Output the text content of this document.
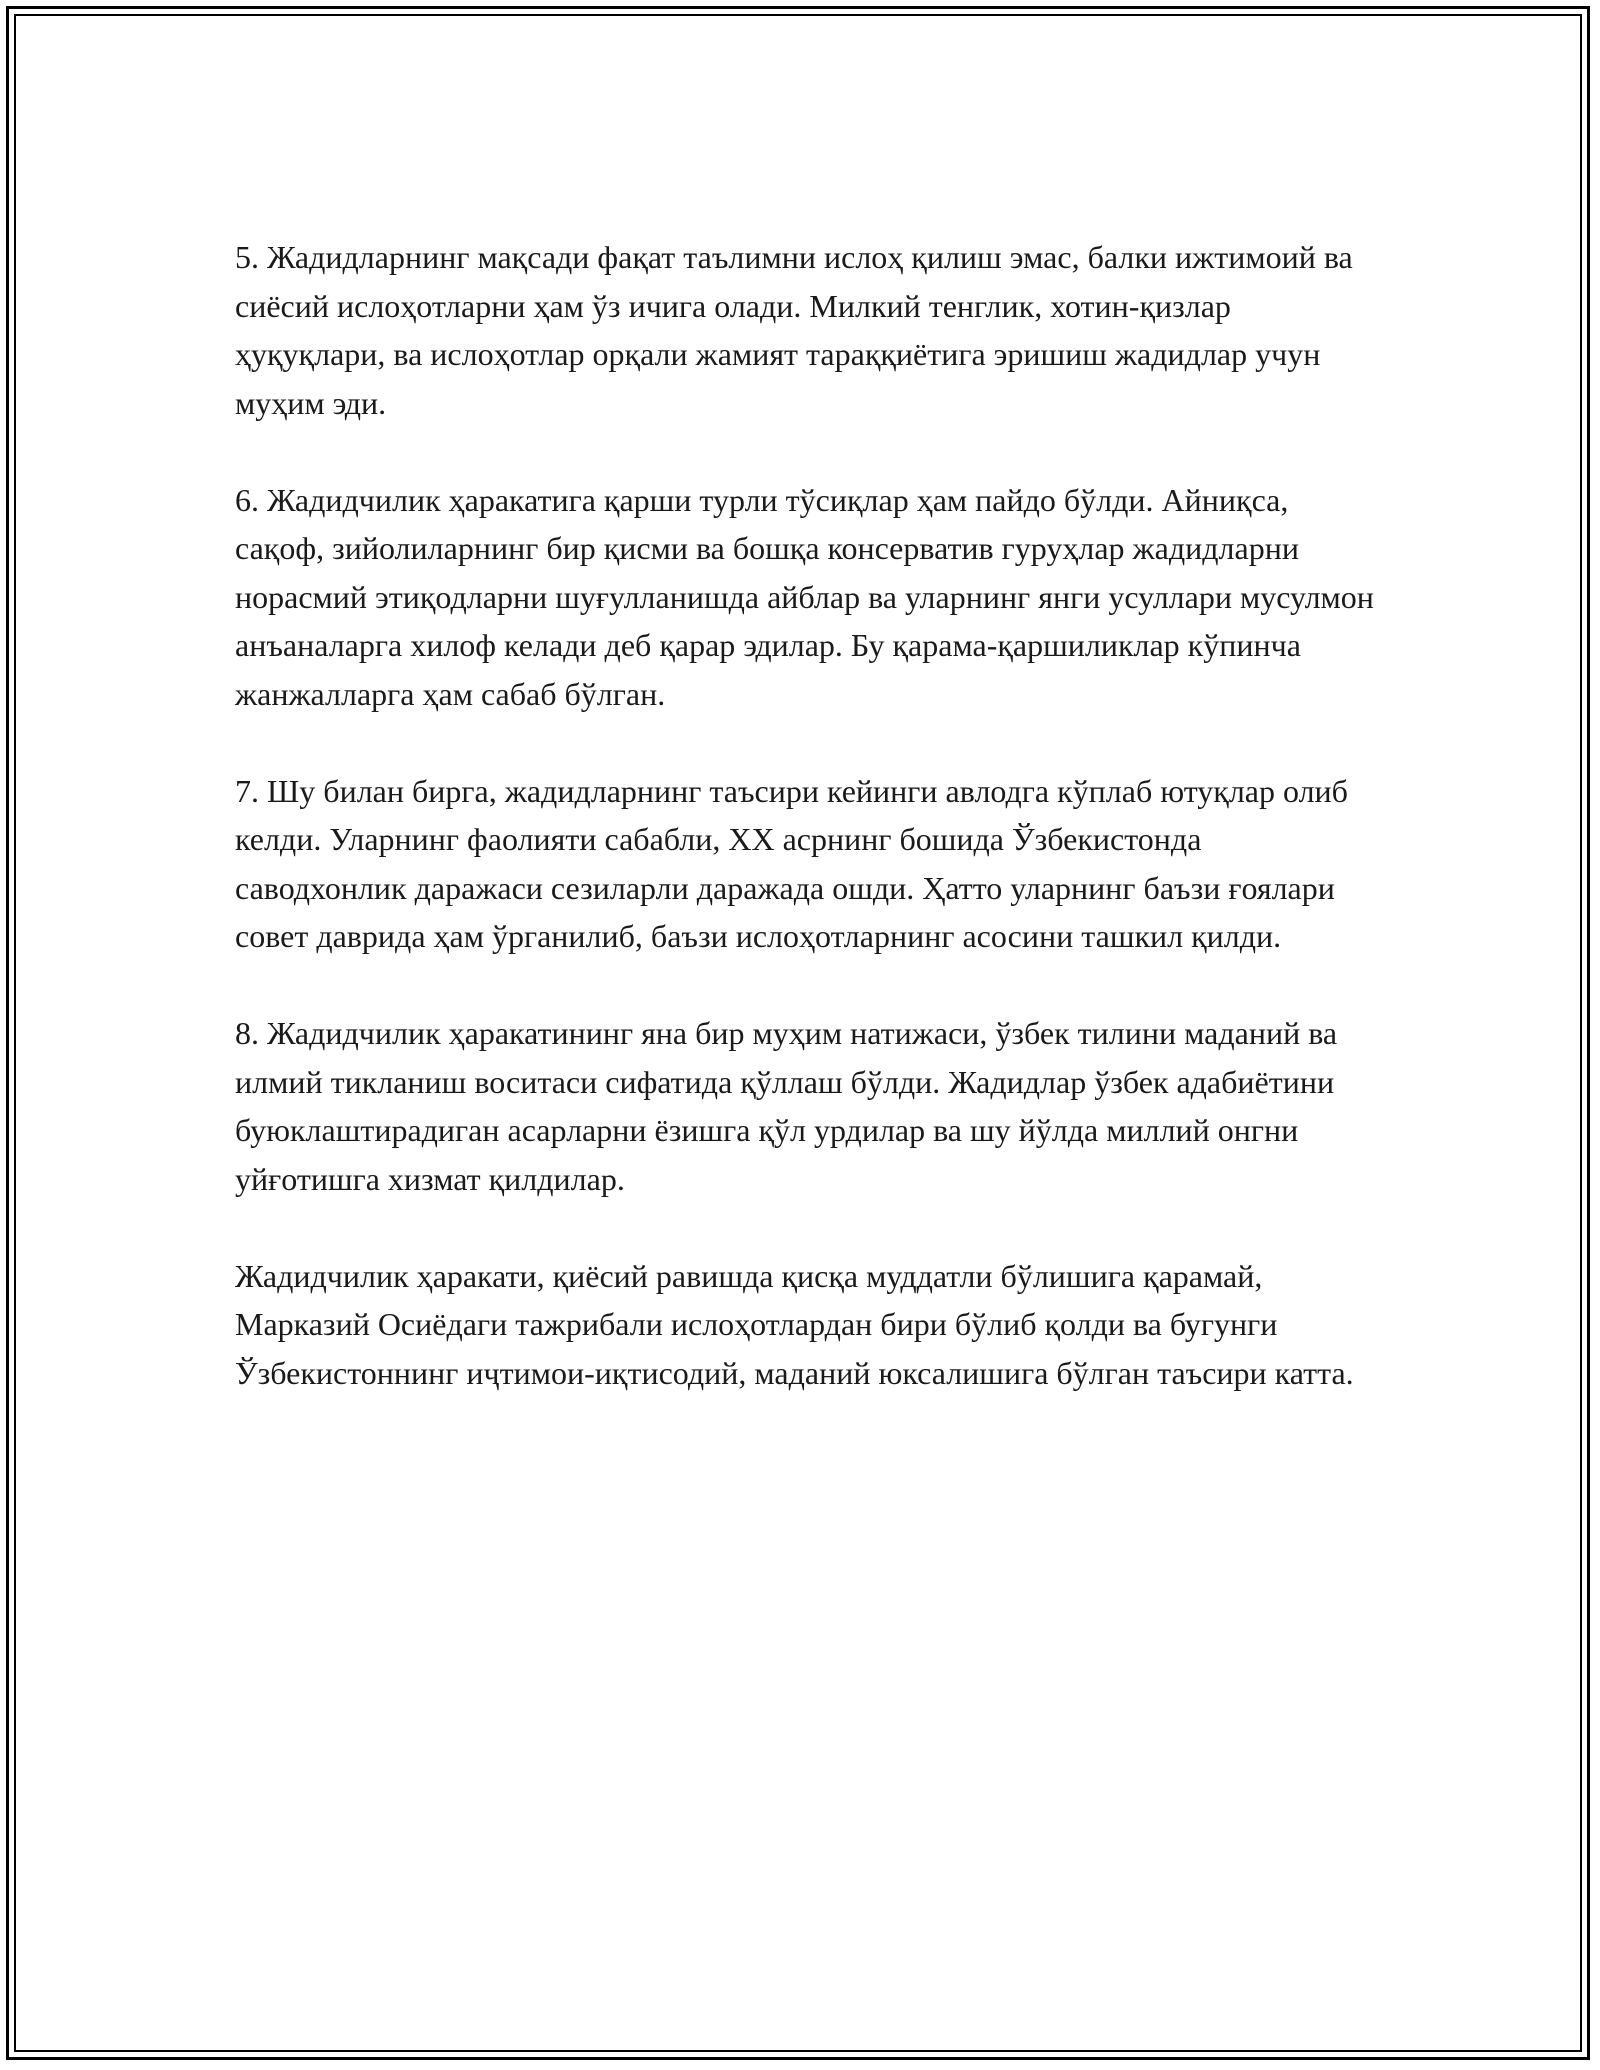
5. Жадидларнинг мақсади фақат таълимни ислоҳ қилиш эмас, балки ижтимоий ва сиёсий ислоҳотларни ҳам ўз ичига олади. Милкий тенглик, хотин-қизлар ҳуқуқлари, ва ислоҳотлар орқали жамият тараққиётига эришиш жадидлар учун муҳим эди.

6. Жадидчилик ҳаракатига қарши турли тўсиқлар ҳам пайдо бўлди. Айниқса, сақоф, зийолиларнинг бир қисми ва бошқа консерватив гуруҳлар жадидларни норасмий этиқодларни шуғулланишда айблар ва уларнинг янги усуллари мусулмон анъаналарга хилоф келади деб қарар эдилар. Бу қарама-қаршиликлар кўпинча жанжалларга ҳам сабаб бўлган.

7. Шу билан бирга, жадидларнинг таъсири кейинги авлодга кўплаб ютуқлар олиб келди. Уларнинг фаолияти сабабли, XX асрнинг бошида Ўзбекистонда саводхонлик даражаси сезиларли даражада ошди. Ҳатто уларнинг баъзи ғоялари совет даврида ҳам ўрганилиб, баъзи ислоҳотларнинг асосини ташкил қилди.

8. Жадидчилик ҳаракатининг яна бир муҳим натижаси, ўзбек тилини маданий ва илмий тикланиш воситаси сифатида қўллаш бўлди. Жадидлар ўзбек адабиётини буюклаштирадиган асарларни ёзишга қўл урдилар ва шу йўлда миллий онгни уйғотишга хизмат қилдилар.

Жадидчилик ҳаракати, қиёсий равишда қисқа муддатли бўлишига қарамай, Марказий Осиёдаги тажрибали ислоҳотлардан бири бўлиб қолди ва бугунги Ўзбекистоннинг иҷтимои-иқтисодий, маданий юксалишига бўлган таъсири катта.
